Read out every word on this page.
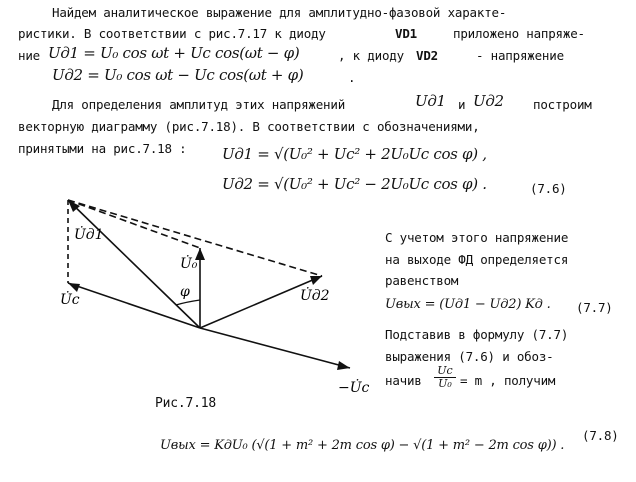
Найдем аналитическое выражение для амплитудно-фазовой характе-
ристики. В соответствии с рис.7.17 к диоду	VD1	приложено напряже-
ние Uд1 = U₀ cos ωt + Uc cos(ωt − φ)	, к диоду VD2	- напряжение
Uд2 = U₀ cos ωt − Uc cos(ωt + φ)	.
Для определения амплитуд этих напряжений	Uд1 и Uд2 построим
векторную диаграмму (рис.7.18). В соответствии с обозначениями,
принятыми на рис.7.18 : Uд1 = √(U₀² + Uc² + 2U₀Uc cos φ) ,
Uд2 = √(U₀² + Uc² − 2U₀Uc cos φ) .	(7.6)
U̇д1
U̇₀
U̇c	φ	U̇д2
−U̇c
Рис.7.18
С учетом этого напряжение
на выходе ФД определяется
равенством
Uвых = (Uд1 − Uд2) Kд . (7.7)
Подставив в формулу (7.7)
выражения (7.6) и обоз-
начив $\frac{Uc}{\text{U₀}} = m$ , получим
Uвых = KдU₀ (√(1 + m² + 2m cos φ) − √(1 + m² − 2m cos φ)) .
(7.8)
